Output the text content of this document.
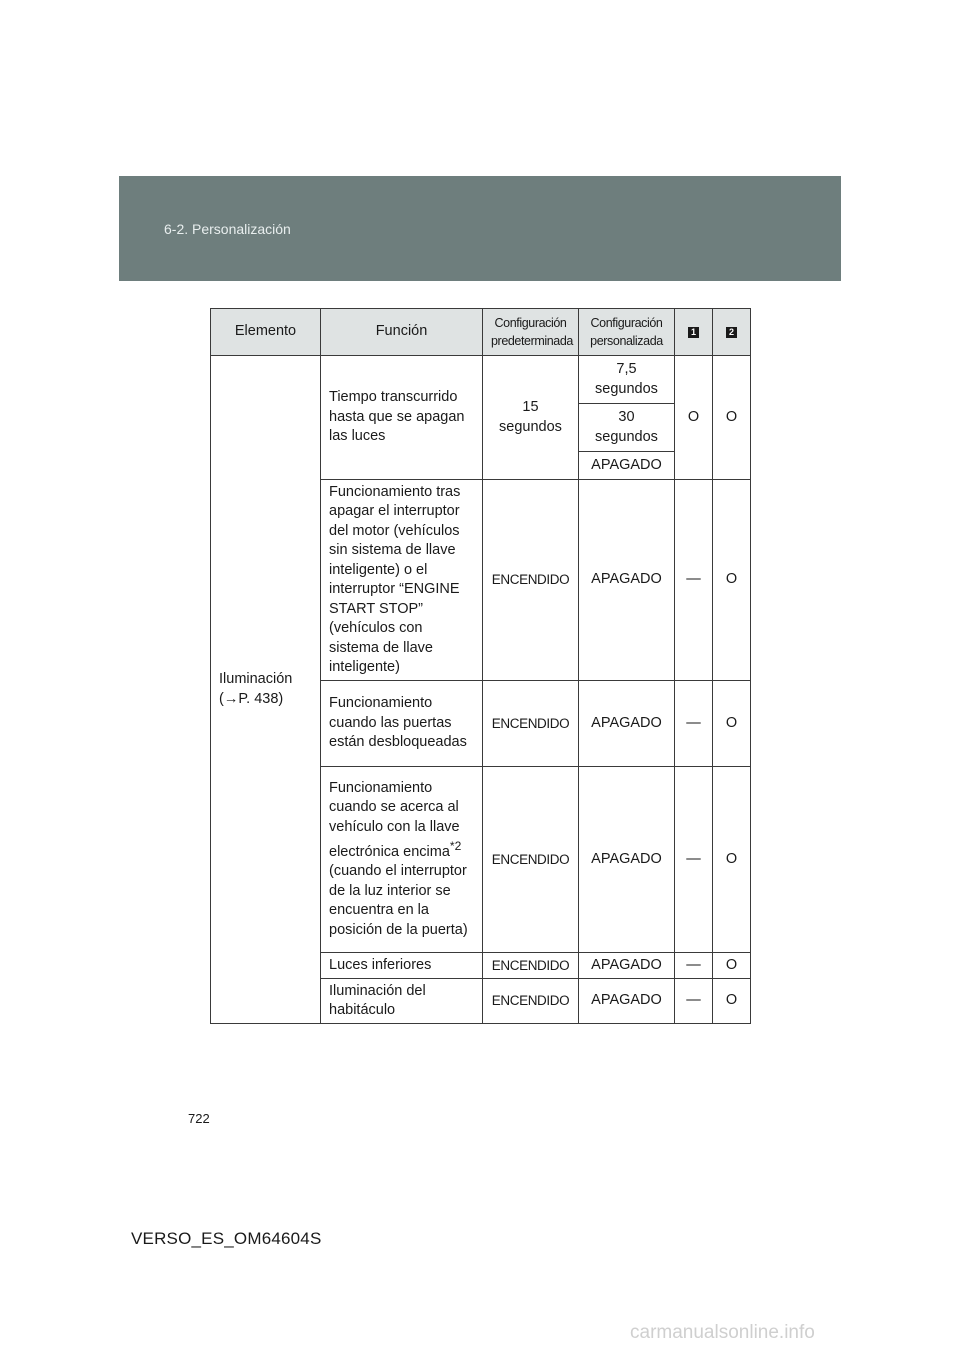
6-2. Personalización
Elemento	Función	Configuración predeterminada	Configuración personalizada	1	2

Iluminación
(→P. 438)	Tiempo transcurrido hasta que se apagan las luces	15 segundos	7,5 segundos	O	O
			30 segundos		
			APAGADO		
	Funcionamiento tras apagar el interruptor del motor (vehículos sin sistema de llave inteligente) o el interruptor “ENGINE START STOP” (vehículos con sistema de llave inteligente)	ENCENDIDO	APAGADO	—	O
	Funcionamiento cuando las puertas están desbloqueadas	ENCENDIDO	APAGADO	—	O
	Funcionamiento cuando se acerca al vehículo con la llave electrónica encima$^{*2}$ (cuando el interruptor de la luz interior se encuentra en la posición de la puerta)	ENCENDIDO	APAGADO	—	O
	Luces inferiores	ENCENDIDO	APAGADO	—	O
	Iluminación del habitáculo	ENCENDIDO	APAGADO	—	O
722
VERSO_ES_OM64604S
carmanualsonline.info
